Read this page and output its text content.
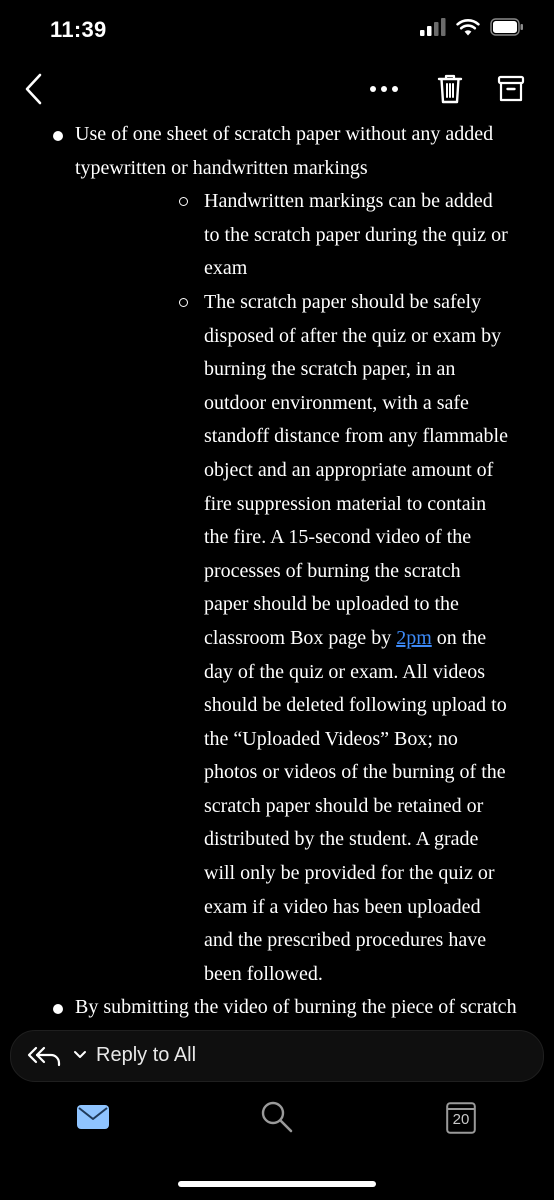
11:39
Use of one sheet of scratch paper without any added typewritten or handwritten markings
Handwritten markings can be added to the scratch paper during the quiz or exam
The scratch paper should be safely disposed of after the quiz or exam by burning the scratch paper, in an outdoor environment, with a safe standoff distance from any flammable object and an appropriate amount of fire suppression material to contain the fire. A 15-second video of the processes of burning the scratch paper should be uploaded to the classroom Box page by 2pm on the day of the quiz or exam. All videos should be deleted following upload to the “Uploaded Videos” Box; no photos or videos of the burning of the scratch paper should be retained or distributed by the student. A grade will only be provided for the quiz or exam if a video has been uploaded and the prescribed procedures have been followed.
By submitting the video of burning the piece of scratch
Reply to All
20
